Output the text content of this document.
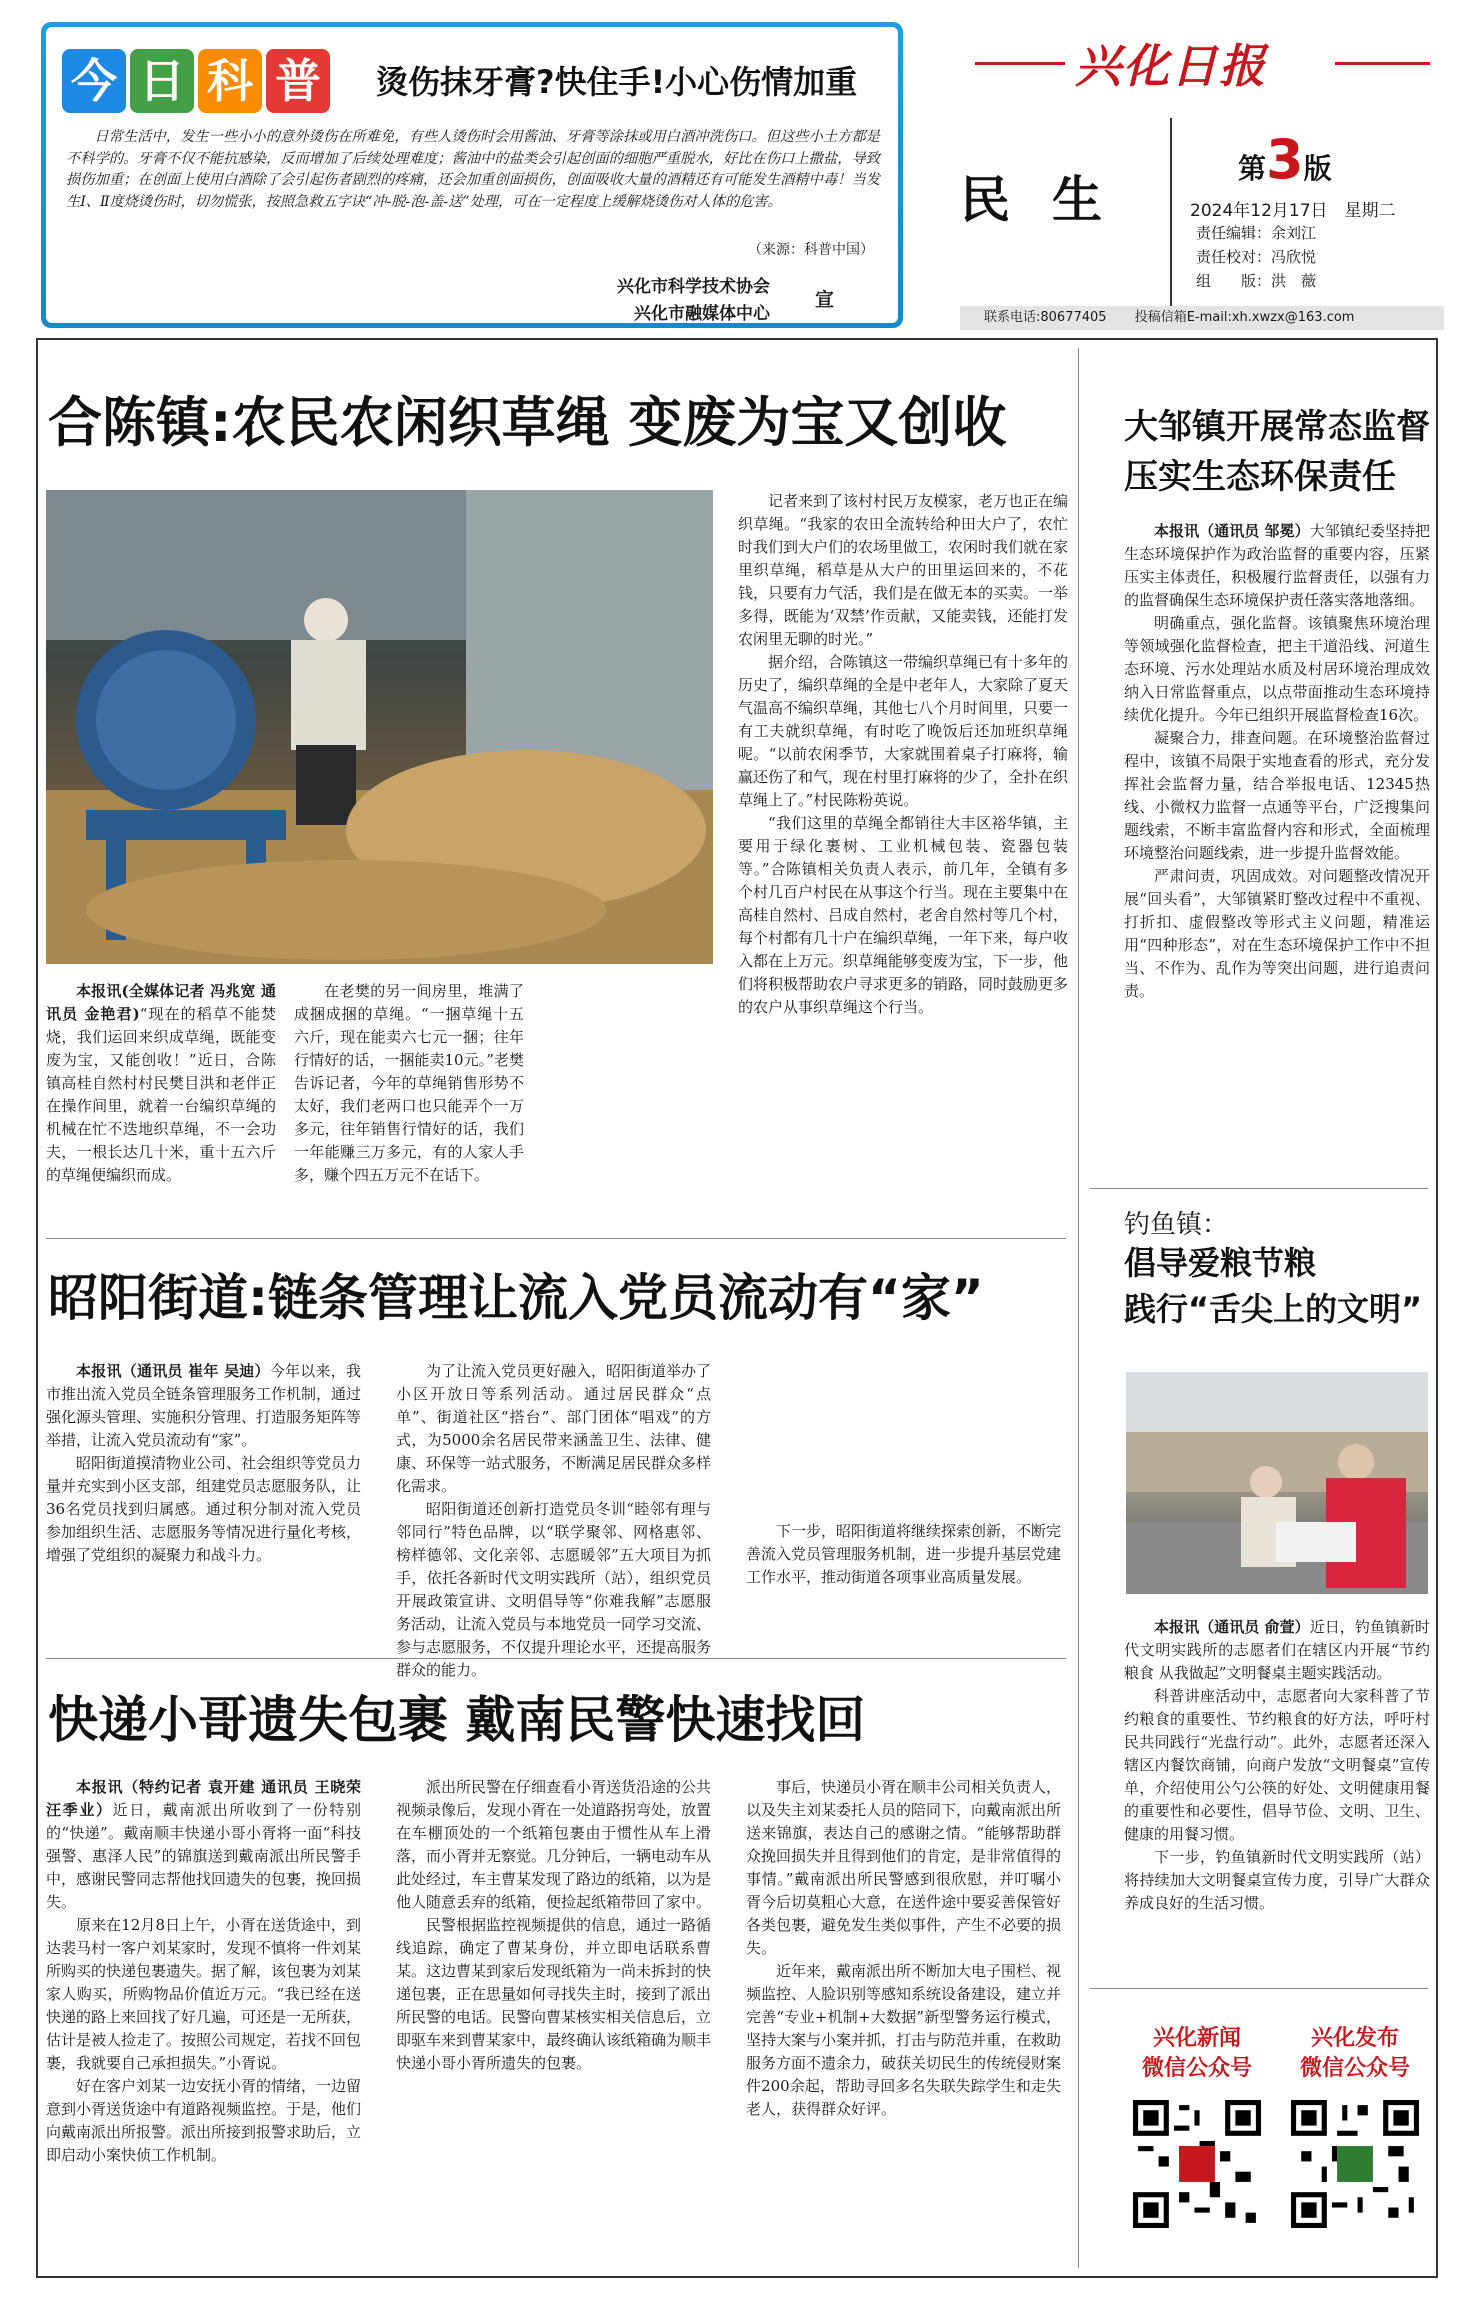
今 日 科 普 烫伤抹牙膏?快住手!小心伤情加重
日常生活中，发生一些小小的意外烫伤在所难免，有些人烫伤时会用酱油、牙膏等涂抹或用白酒冲洗伤口。但这些小土方都是不科学的。牙膏不仅不能抗感染，反而增加了后续处理难度；酱油中的盐类会引起创面的细胞严重脱水，好比在伤口上撒盐，导致损伤加重；在创面上使用白酒除了会引起伤者剧烈的疼痛，还会加重创面损伤，创面吸收大量的酒精还有可能发生酒精中毒！当发生Ⅰ、Ⅱ度烧烫伤时，切勿慌张，按照急救五字诀“冲-脱-泡-盖-送”处理，可在一定程度上缓解烧烫伤对人体的危害。
（来源：科普中国）
兴化市科学技术协会
兴化市融媒体中心
宣
兴化日报
民生
第3版
2024年12月17日　 星期二
责任编辑：余刘江
责任校对：冯欣悦
组　　版：洪　薇
联系电话:80677405 投稿信箱E-mail:xh.xwzx@163.com
合陈镇:农民农闲织草绳 变废为宝又创收

本报讯(全媒体记者 冯兆宽 通讯员 金艳君)“现在的稻草不能焚烧，我们运回来织成草绳，既能变废为宝，又能创收！”近日，合陈镇高桂自然村村民樊目洪和老伴正在操作间里，就着一台编织草绳的机械在忙不迭地织草绳，不一会功夫，一根长达几十米，重十五六斤的草绳便编织而成。

在老樊的另一间房里，堆满了成捆成捆的草绳。“一捆草绳十五六斤，现在能卖六七元一捆；往年行情好的话，一捆能卖10元。”老樊告诉记者，今年的草绳销售形势不太好，我们老两口也只能弄个一万多元，往年销售行情好的话，我们一年能赚三万多元，有的人家人手多，赚个四五万元不在话下。

记者来到了该村村民万友模家，老万也正在编织草绳。“我家的农田全流转给种田大户了，农忙时我们到大户们的农场里做工，农闲时我们就在家里织草绳，稻草是从大户的田里运回来的，不花钱，只要有力气活，我们是在做无本的买卖。一举多得，既能为‘双禁’作贡献，又能卖钱，还能打发农闲里无聊的时光。”

据介绍，合陈镇这一带编织草绳已有十多年的历史了，编织草绳的全是中老年人，大家除了夏天气温高不编织草绳，其他七八个月时间里，只要一有工夫就织草绳，有时吃了晚饭后还加班织草绳呢。“以前农闲季节，大家就围着桌子打麻将，输赢还伤了和气，现在村里打麻将的少了，全扑在织草绳上了。”村民陈粉英说。

“我们这里的草绳全都销往大丰区裕华镇，主要用于绿化裹树、工业机械包装、瓷器包装等。”合陈镇相关负责人表示，前几年，全镇有多个村几百户村民在从事这个行当。现在主要集中在高桂自然村、吕成自然村，老舍自然村等几个村，每个村都有几十户在编织草绳，一年下来，每户收入都在上万元。织草绳能够变废为宝，下一步，他们将积极帮助农户寻求更多的销路，同时鼓励更多的农户从事织草绳这个行当。

昭阳街道:链条管理让流入党员流动有“家”

本报讯（通讯员 崔年 吴迪）今年以来，我市推出流入党员全链条管理服务工作机制，通过强化源头管理、实施积分管理、打造服务矩阵等举措，让流入党员流动有“家”。

昭阳街道摸清物业公司、社会组织等党员力量并充实到小区支部，组建党员志愿服务队，让36名党员找到归属感。通过积分制对流入党员参加组织生活、志愿服务等情况进行量化考核，增强了党组织的凝聚力和战斗力。

为了让流入党员更好融入，昭阳街道举办了小区开放日等系列活动。通过居民群众“点单”、街道社区“搭台”、部门团体“唱戏”的方式，为5000余名居民带来涵盖卫生、法律、健康、环保等一站式服务，不断满足居民群众多样化需求。

昭阳街道还创新打造党员冬训“睦邻有理与邻同行”特色品牌，以“联学聚邻、网格惠邻、榜样德邻、文化亲邻、志愿暖邻”五大项目为抓手，依托各新时代文明实践所（站），组织党员开展政策宣讲、文明倡导等“你难我解”志愿服务活动，让流入党员与本地党员一同学习交流、参与志愿服务，不仅提升理论水平，还提高服务群众的能力。

下一步，昭阳街道将继续探索创新，不断完善流入党员管理服务机制，进一步提升基层党建工作水平，推动街道各项事业高质量发展。

快递小哥遗失包裹 戴南民警快速找回

本报讯（特约记者 袁开建 通讯员 王晓荣 汪季业）近日，戴南派出所收到了一份特别的“快递”。戴南顺丰快递小哥小胥将一面“科技强警、惠泽人民”的锦旗送到戴南派出所民警手中，感谢民警同志帮他找回遗失的包裹，挽回损失。

原来在12月8日上午，小胥在送货途中，到达裴马村一客户刘某家时，发现不慎将一件刘某所购买的快递包裹遗失。据了解，该包裹为刘某家人购买，所购物品价值近万元。“我已经在送快递的路上来回找了好几遍，可还是一无所获，估计是被人捡走了。按照公司规定，若找不回包裹，我就要自己承担损失。”小胥说。

好在客户刘某一边安抚小胥的情绪，一边留意到小胥送货途中有道路视频监控。于是，他们向戴南派出所报警。派出所接到报警求助后，立即启动小案快侦工作机制。

派出所民警在仔细查看小胥送货沿途的公共视频录像后，发现小胥在一处道路拐弯处，放置在车棚顶处的一个纸箱包裹由于惯性从车上滑落，而小胥并无察觉。几分钟后，一辆电动车从此处经过，车主曹某发现了路边的纸箱，以为是他人随意丢弃的纸箱，便捡起纸箱带回了家中。

民警根据监控视频提供的信息，通过一路循线追踪，确定了曹某身份，并立即电话联系曹某。这边曹某到家后发现纸箱为一尚未拆封的快递包裹，正在思量如何寻找失主时，接到了派出所民警的电话。民警向曹某核实相关信息后，立即驱车来到曹某家中，最终确认该纸箱确为顺丰快递小哥小胥所遗失的包裹。

事后，快递员小胥在顺丰公司相关负责人，以及失主刘某委托人员的陪同下，向戴南派出所送来锦旗，表达自己的感谢之情。“能够帮助群众挽回损失并且得到他们的肯定，是非常值得的事情。”戴南派出所民警感到很欣慰，并叮嘱小胥今后切莫粗心大意，在送件途中要妥善保管好各类包裹，避免发生类似事件，产生不必要的损失。

近年来，戴南派出所不断加大电子围栏、视频监控、人脸识别等感知系统设备建设，建立并完善“专业+机制+大数据”新型警务运行模式，坚持大案与小案并抓，打击与防范并重，在救助服务方面不遗余力，破获关切民生的传统侵财案件200余起，帮助寻回多名失联失踪学生和走失老人，获得群众好评。

大邹镇开展常态监督
压实生态环保责任

本报讯（通讯员 邹冕）大邹镇纪委坚持把生态环境保护作为政治监督的重要内容，压紧压实主体责任，积极履行监督责任，以强有力的监督确保生态环境保护责任落实落地落细。

明确重点，强化监督。该镇聚焦环境治理等领域强化监督检查，把主干道沿线、河道生态环境、污水处理站水质及村居环境治理成效纳入日常监督重点，以点带面推动生态环境持续优化提升。今年已组织开展监督检查16次。

凝聚合力，排查问题。在环境整治监督过程中，该镇不局限于实地查看的形式，充分发挥社会监督力量，结合举报电话、12345热线、小微权力监督一点通等平台，广泛搜集问题线索，不断丰富监督内容和形式，全面梳理环境整治问题线索，进一步提升监督效能。

严肃问责，巩固成效。对问题整改情况开展“回头看”，大邹镇紧盯整改过程中不重视、打折扣、虚假整改等形式主义问题，精准运用“四种形态”，对在生态环境保护工作中不担当、不作为、乱作为等突出问题，进行追责问责。

钓鱼镇：
倡导爱粮节粮
践行“舌尖上的文明”

本报讯（通讯员 俞萱）近日，钓鱼镇新时代文明实践所的志愿者们在辖区内开展“节约粮食 从我做起”文明餐桌主题实践活动。

科普讲座活动中，志愿者向大家科普了节约粮食的重要性、节约粮食的好方法，呼吁村民共同践行“光盘行动”。此外，志愿者还深入辖区内餐饮商铺，向商户发放“文明餐桌”宣传单，介绍使用公勺公筷的好处、文明健康用餐的重要性和必要性，倡导节俭、文明、卫生、健康的用餐习惯。

下一步，钓鱼镇新时代文明实践所（站）将持续加大文明餐桌宣传力度，引导广大群众养成良好的生活习惯。

兴化新闻
微信公众号
兴化发布
微信公众号
